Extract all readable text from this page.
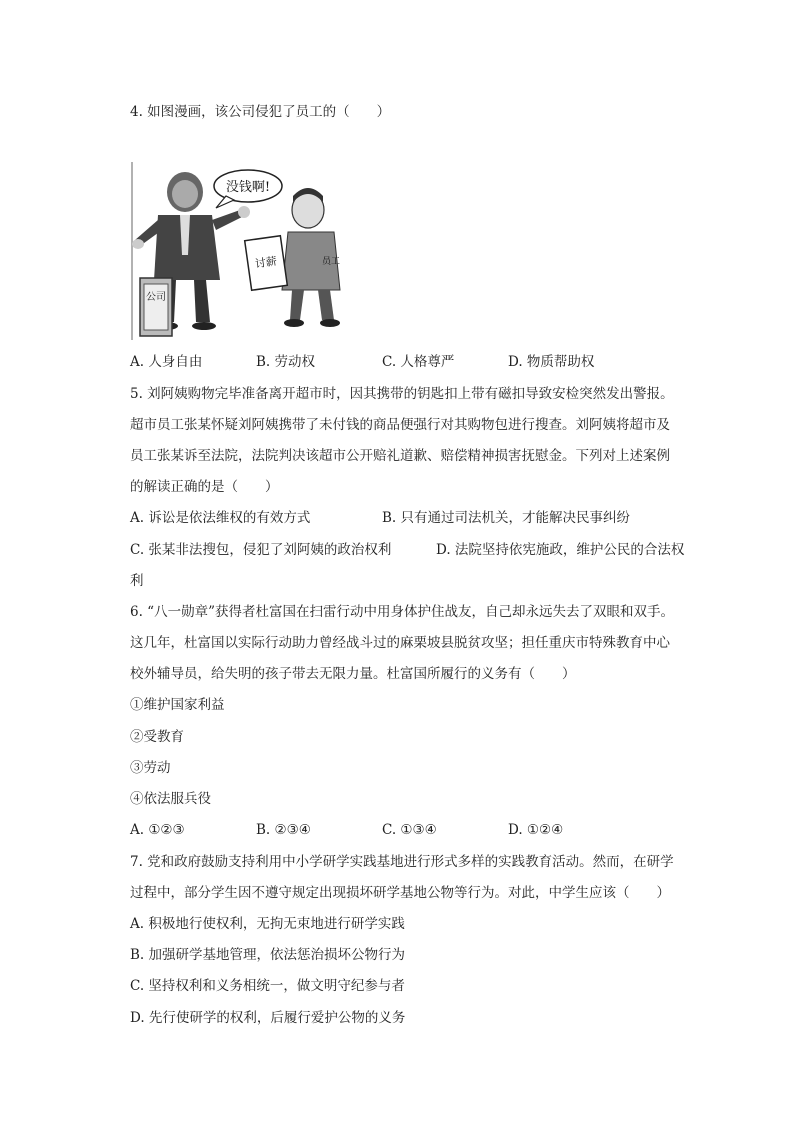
4. 如图漫画，该公司侵犯了员工的（　　）
公司
没钱啊!
员工
讨薪
A. 人身自由	B. 劳动权	C. 人格尊严	D. 物质帮助权
5. 刘阿姨购物完毕准备离开超市时，因其携带的钥匙扣上带有磁扣导致安检突然发出警报。
超市员工张某怀疑刘阿姨携带了未付钱的商品便强行对其购物包进行搜查。刘阿姨将超市及
员工张某诉至法院，法院判决该超市公开赔礼道歉、赔偿精神损害抚慰金。下列对上述案例
的解读正确的是（　　）
A. 诉讼是依法维权的有效方式	B. 只有通过司法机关，才能解决民事纠纷
C. 张某非法搜包，侵犯了刘阿姨的政治权利	D. 法院坚持依宪施政，维护公民的合法权
利
6. “八一勋章”获得者杜富国在扫雷行动中用身体护住战友，自己却永远失去了双眼和双手。
这几年，杜富国以实际行动助力曾经战斗过的麻栗坡县脱贫攻坚；担任重庆市特殊教育中心
校外辅导员，给失明的孩子带去无限力量。杜富国所履行的义务有（　　）
①维护国家利益
②受教育
③劳动
④依法服兵役
A. ①②③	B. ②③④	C. ①③④	D. ①②④
7. 党和政府鼓励支持利用中小学研学实践基地进行形式多样的实践教育活动。然而，在研学
过程中，部分学生因不遵守规定出现损坏研学基地公物等行为。对此，中学生应该（　　）
A. 积极地行使权利，无拘无束地进行研学实践
B. 加强研学基地管理，依法惩治损坏公物行为
C. 坚持权利和义务相统一，做文明守纪参与者
D. 先行使研学的权利，后履行爱护公物的义务
